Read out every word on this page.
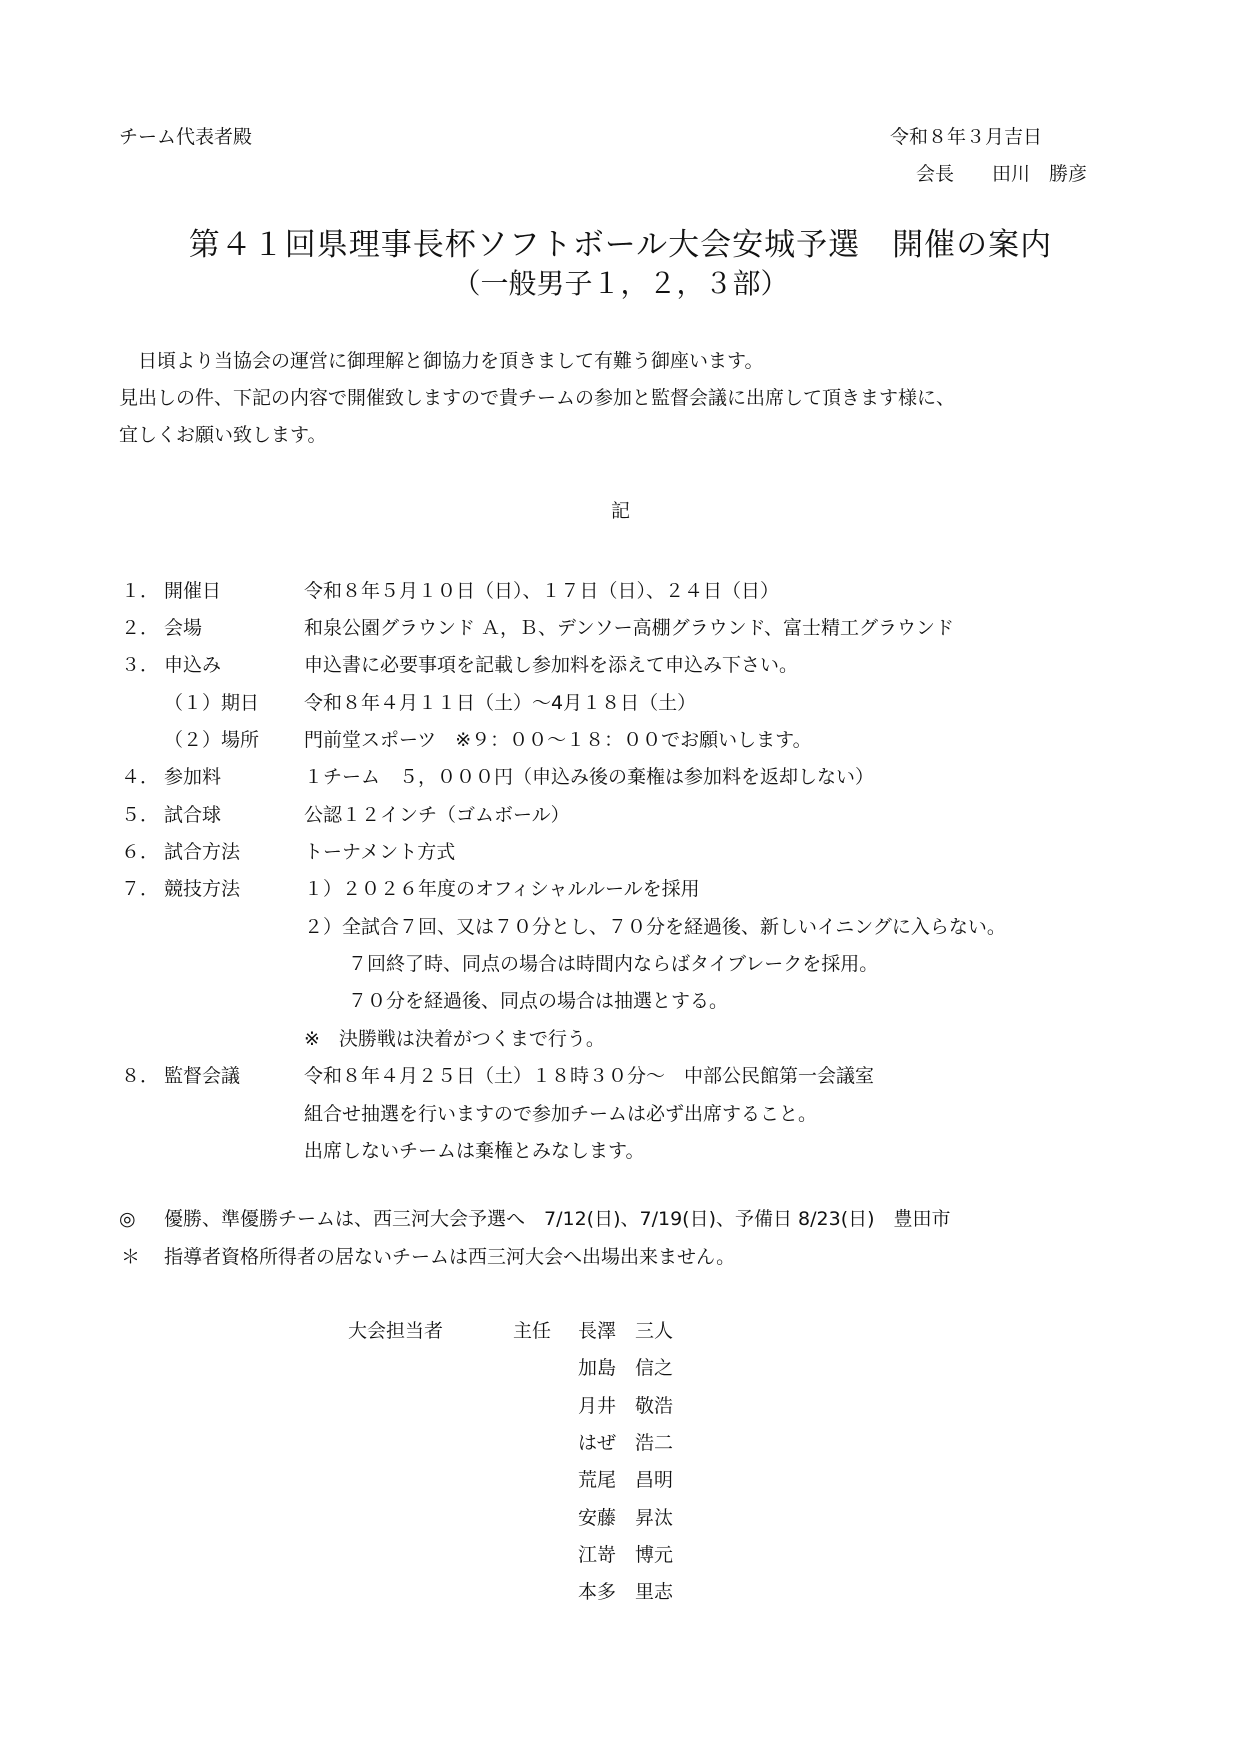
チーム代表者殿	令和８年３月吉日
会長　　田川　勝彦
第４１回県理事長杯ソフトボール大会安城予選　開催の案内
（一般男子１，２，３部）
　日頃より当協会の運営に御理解と御協力を頂きまして有難う御座います。
見出しの件、下記の内容で開催致しますので貴チームの参加と監督会議に出席して頂きます様に、
宜しくお願い致します。
記
１． 開催日	令和８年５月１０日（日）、１７日（日）、２４日（日）
２． 会場	和泉公園グラウンド Ａ，Ｂ、デンソー高棚グラウンド、富士精工グラウンド
３． 申込み	申込書に必要事項を記載し参加料を添えて申込み下さい。
（１）期日 令和８年４月１１日（土）～4月１８日（土）
（２）場所 門前堂スポーツ　※９：００～１８：００でお願いします。
４． 参加料	１チーム　５，０００円（申込み後の棄権は参加料を返却しない）
５． 試合球	公認１２インチ（ゴムボール）
６． 試合方法	トーナメント方式
７． 競技方法	１）２０２６年度のオフィシャルルールを採用
２）全試合７回、又は７０分とし、７０分を経過後、新しいイニングに入らない。
７回終了時、同点の場合は時間内ならばタイブレークを採用。
７０分を経過後、同点の場合は抽選とする。
※　決勝戦は決着がつくまで行う。
８． 監督会議	令和８年４月２５日（土）１８時３０分～　中部公民館第一会議室
組合せ抽選を行いますので参加チームは必ず出席すること。
出席しないチームは棄権とみなします。
◎ 優勝、準優勝チームは、西三河大会予選へ　7/12(日)、7/19(日)、予備日 8/23(日)　豊田市
＊ 指導者資格所得者の居ないチームは西三河大会へ出場出来ません。
大会担当者	主任 長澤　三人
加島　信之
月井　敬浩
はぜ　浩二
荒尾　昌明
安藤　昇汰
江嵜　博元
本多　里志
